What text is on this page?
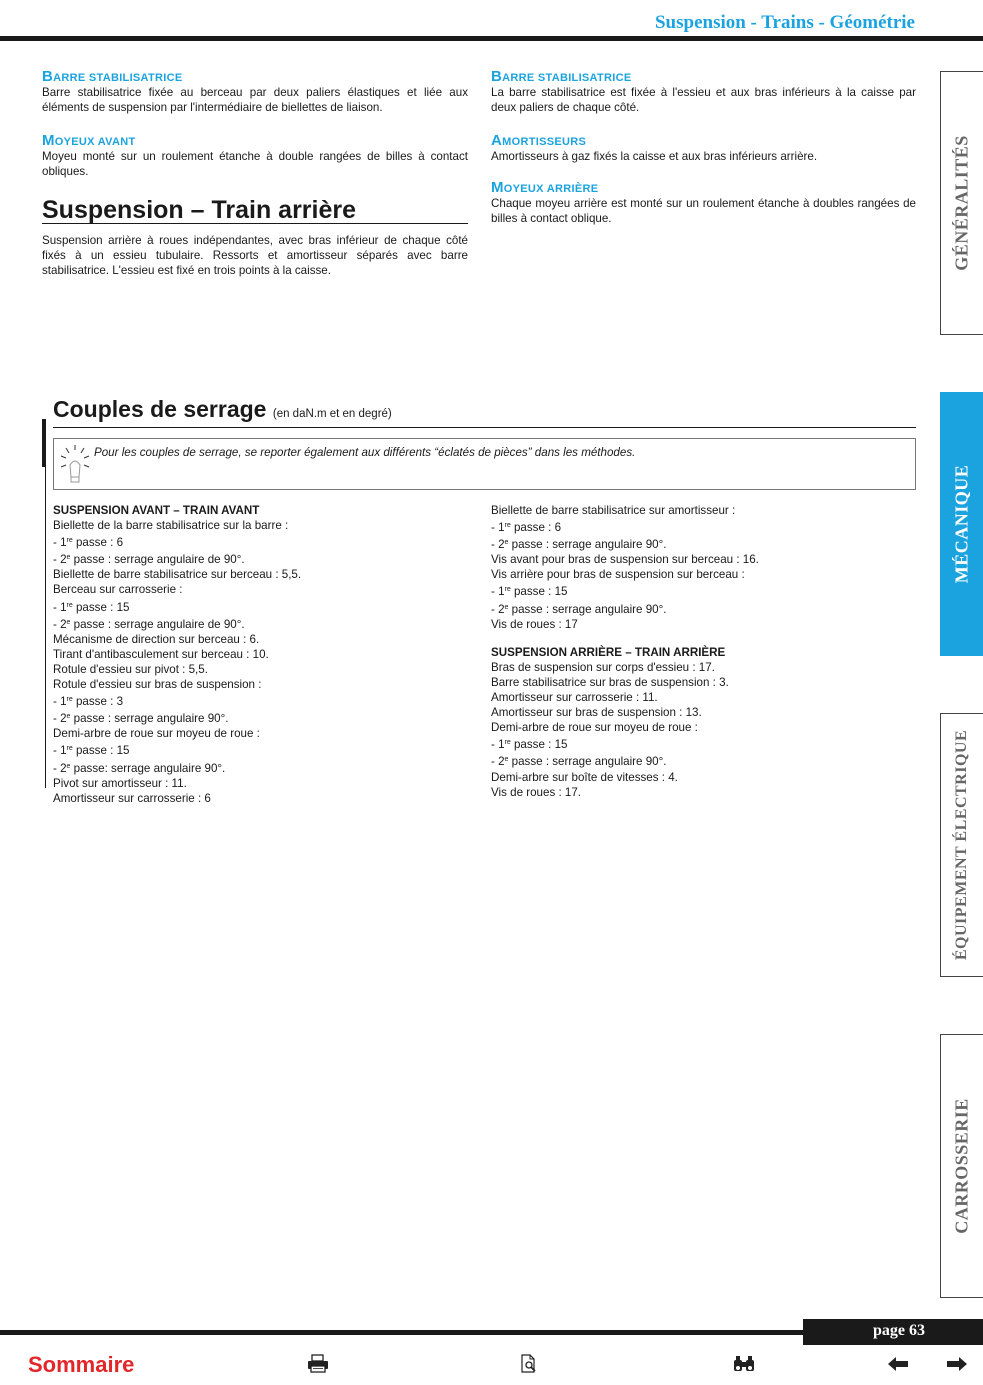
Suspension - Trains - Géométrie
BARRE STABILISATRICE
Barre stabilisatrice fixée au berceau par deux paliers élastiques et liée aux éléments de suspension par l'intermédiaire de biellettes de liaison.
MOYEUX AVANT
Moyeu monté sur un roulement étanche à double rangées de billes à contact obliques.
Suspension – Train arrière
Suspension arrière à roues indépendantes, avec bras inférieur de chaque côté fixés à un essieu tubulaire. Ressorts et amortisseur séparés avec barre stabilisatrice. L'essieu est fixé en trois points à la caisse.
BARRE STABILISATRICE
La barre stabilisatrice est fixée à l'essieu et aux bras inférieurs à la caisse par deux paliers de chaque côté.
AMORTISSEURS
Amortisseurs à gaz fixés la caisse et aux bras inférieurs arrière.
MOYEUX ARRIÈRE
Chaque moyeu arrière est monté sur un roulement étanche à doubles rangées de billes à contact oblique.
Couples de serrage (en daN.m et en degré)
Pour les couples de serrage, se reporter également aux différents “éclatés de pièces” dans les méthodes.
SUSPENSION AVANT – TRAIN AVANT
Biellette de la barre stabilisatrice sur la barre :
- 1re passe : 6
- 2e passe : serrage angulaire de 90°.
Biellette de barre stabilisatrice sur berceau : 5,5.
Berceau sur carrosserie :
- 1re passe : 15
- 2e passe : serrage angulaire de 90°.
Mécanisme de direction sur berceau : 6.
Tirant d'antibasculement sur berceau : 10.
Rotule d'essieu sur pivot : 5,5.
Rotule d'essieu sur bras de suspension :
- 1re passe : 3
- 2e passe : serrage angulaire 90°.
Demi-arbre de roue sur moyeu de roue :
- 1re passe : 15
- 2e passe: serrage angulaire 90°.
Pivot sur amortisseur : 11.
Amortisseur sur carrosserie : 6
Biellette de barre stabilisatrice sur amortisseur :
- 1re passe : 6
- 2e passe : serrage angulaire 90°.
Vis avant pour bras de suspension sur berceau : 16.
Vis arrière pour bras de suspension sur berceau :
- 1re passe : 15
- 2e passe : serrage angulaire 90°.
Vis de roues : 17
SUSPENSION ARRIÈRE – TRAIN ARRIÈRE
Bras de suspension sur corps d'essieu : 17.
Barre stabilisatrice sur bras de suspension : 3.
Amortisseur sur carrosserie : 11.
Amortisseur sur bras de suspension : 13.
Demi-arbre de roue sur moyeu de roue :
- 1re passe : 15
- 2e passe : serrage angulaire 90°.
Demi-arbre sur boîte de vitesses : 4.
Vis de roues : 17.
GÉNÉRALITÉS
MÉCANIQUE
ÉQUIPEMENT ÉLECTRIQUE
CARROSSERIE
page 63
Sommaire
